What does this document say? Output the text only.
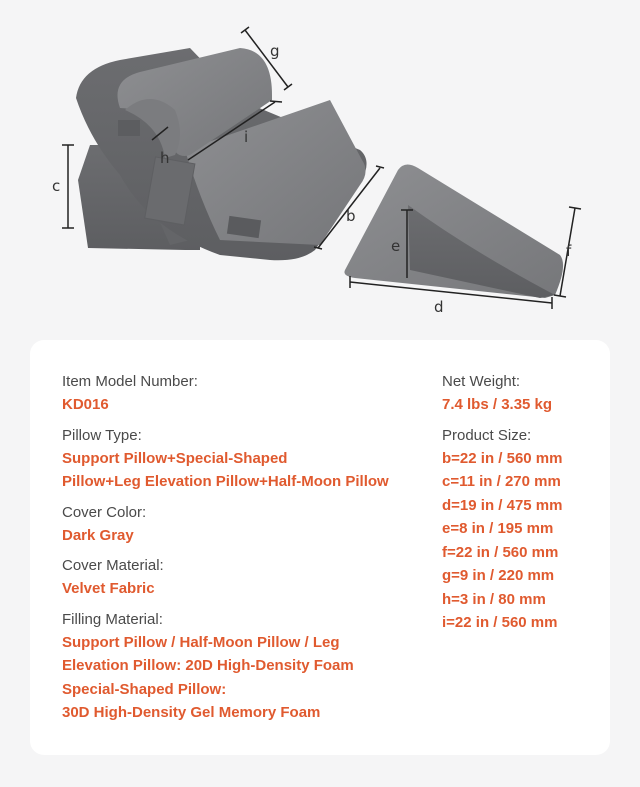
g
h
i
c
b
e	f
d
Item Model Number:
KD016
Pillow Type:
Support Pillow+Special-Shaped
Pillow+Leg Elevation Pillow+Half-Moon Pillow
Cover Color:
Dark Gray
Cover Material:
Velvet Fabric
Filling Material:
Support Pillow / Half-Moon Pillow / Leg
Elevation Pillow: 20D High-Density Foam
Special-Shaped Pillow:
30D High-Density Gel Memory Foam
Net Weight:
7.4 lbs / 3.35 kg
Product Size:
b=22 in / 560 mm
c=11 in / 270 mm
d=19 in / 475 mm
e=8 in / 195 mm
f=22 in / 560 mm
g=9 in / 220 mm
h=3 in / 80 mm
i=22 in / 560 mm
